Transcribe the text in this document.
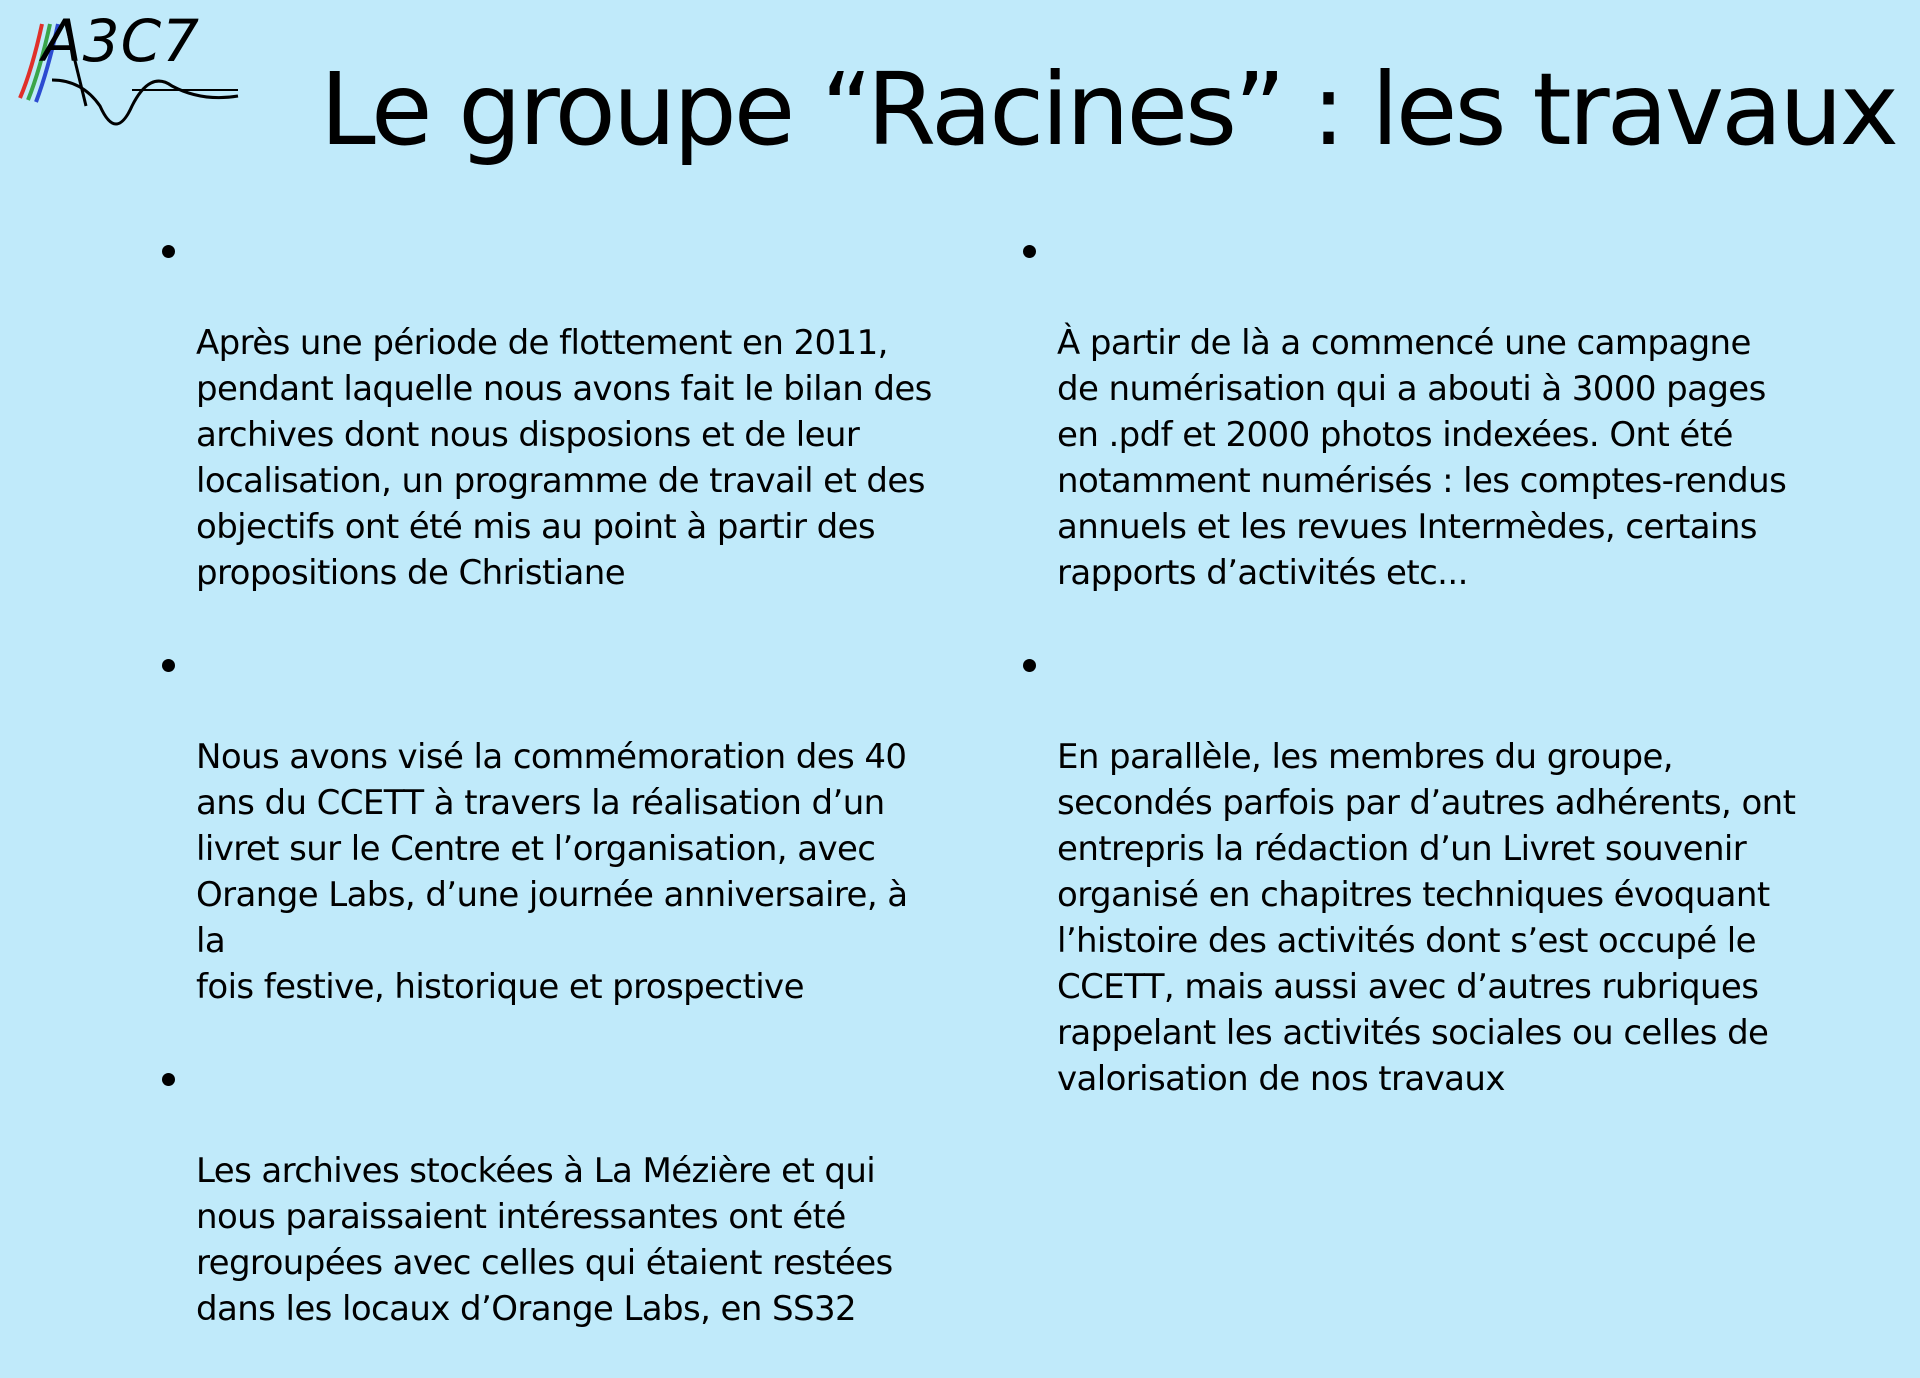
A3C7
Le groupe “Racines” : les travaux

Après une période de flottement en 2011,
pendant laquelle nous avons fait le bilan des
archives dont nous disposions et de leur
localisation, un programme de travail et des
objectifs ont été mis au point à partir des
propositions de Christiane

Nous avons visé la commémoration des 40
ans du CCETT à travers la réalisation d’un
livret sur le Centre et l’organisation, avec
Orange Labs, d’une journée anniversaire, à la
fois festive, historique et prospective

Les archives stockées à La Mézière et qui
nous paraissaient intéressantes ont été
regroupées avec celles qui étaient restées
dans les locaux d’Orange Labs, en SS32

À partir de là a commencé une campagne
de numérisation qui a abouti à 3000 pages
en .pdf et 2000 photos indexées. Ont été
notamment numérisés : les comptes-rendus
annuels et les revues Intermèdes, certains
rapports d’activités etc...

En parallèle, les membres du groupe,
secondés parfois par d’autres adhérents, ont
entrepris la rédaction d’un Livret souvenir
organisé en chapitres techniques évoquant
l’histoire des activités dont s’est occupé le
CCETT, mais aussi avec d’autres rubriques
rappelant les activités sociales ou celles de
valorisation de nos travaux
